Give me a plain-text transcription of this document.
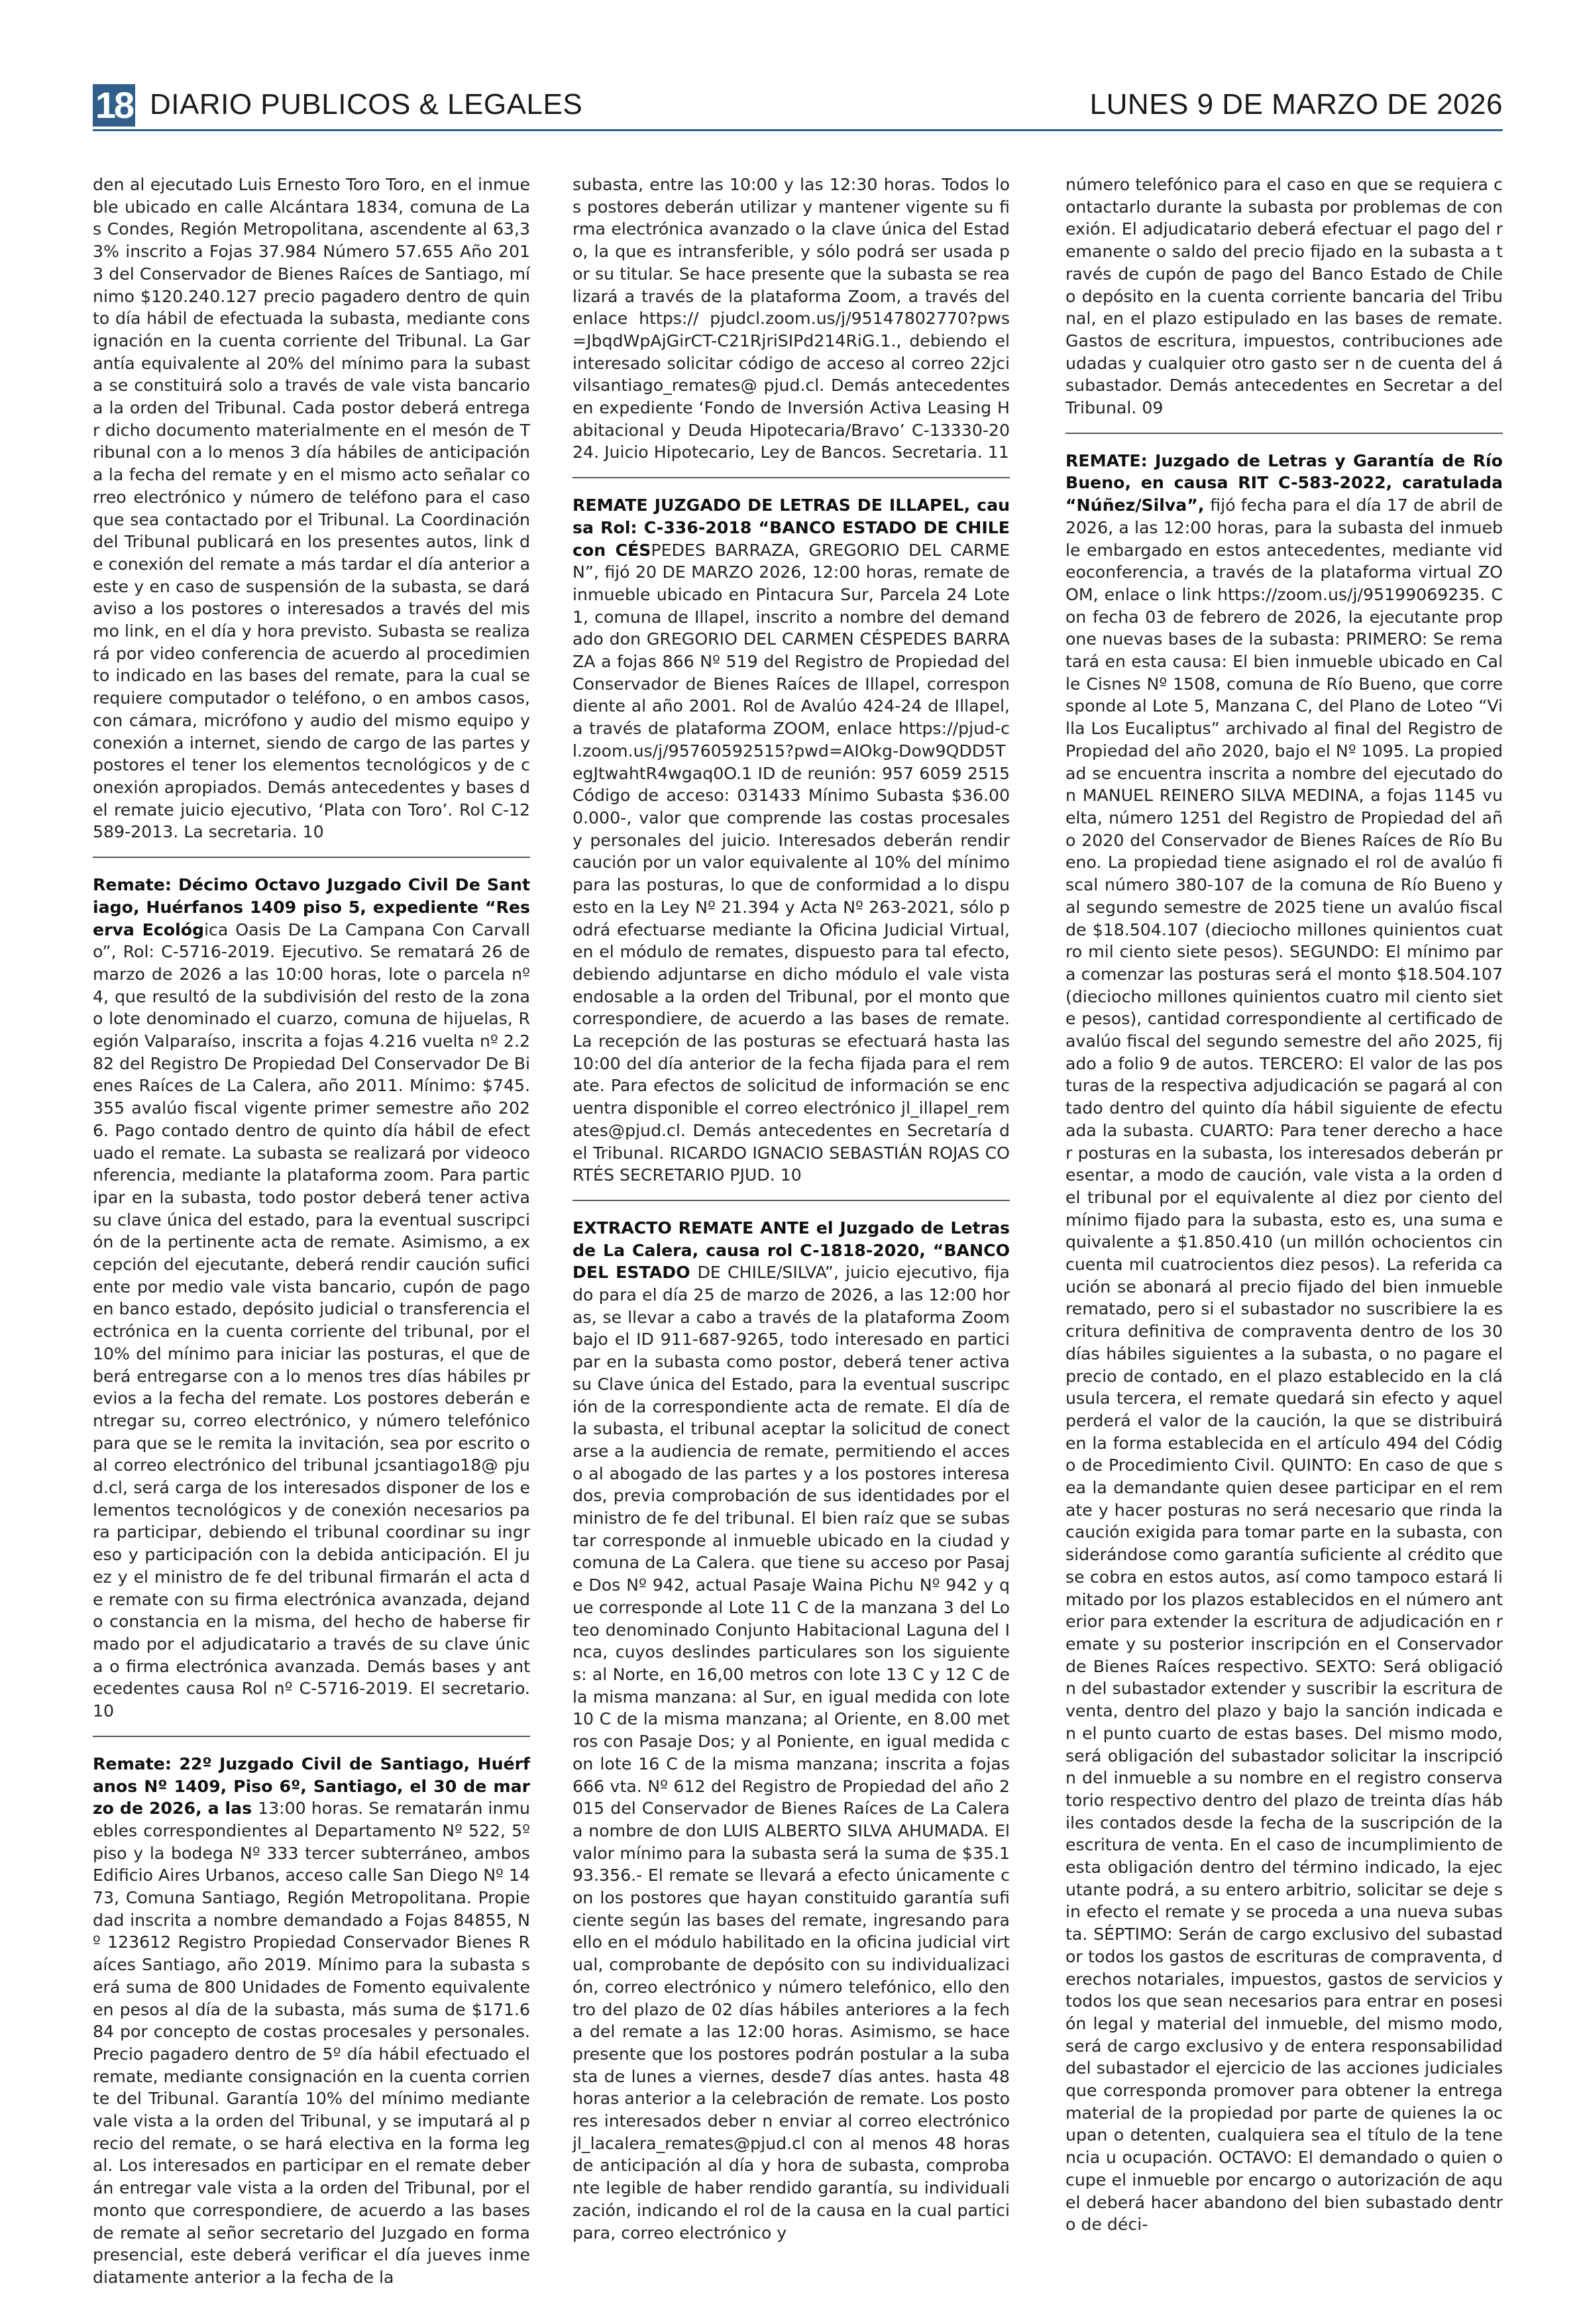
18 DIARIO PUBLICOS & LEGALES	LUNES 9 DE MARZO DE 2026

den al ejecutado Luis Ernesto Toro Toro, en el inmueble ubicado en calle Alcántara 1834, comuna de Las Condes, Región Metropolitana, ascendente al 63,33% inscrito a Fojas 37.984 Número 57.655 Año 2013 del Conservador de Bienes Raíces de Santiago, mínimo $120.240.127 precio pagadero dentro de quinto día hábil de efectuada la subasta, mediante consignación en la cuenta corriente del Tribunal. La Garantía equivalente al 20% del mínimo para la subasta se constituirá solo a través de vale vista bancario a la orden del Tribunal. Cada postor deberá entregar dicho documento materialmente en el mesón de Tribunal con a lo menos 3 día hábiles de anticipación a la fecha del remate y en el mismo acto señalar correo electrónico y número de teléfono para el caso que sea contactado por el Tribunal. La Coordinación del Tribunal publicará en los presentes autos, link de conexión del remate a más tardar el día anterior a este y en caso de suspensión de la subasta, se dará aviso a los postores o interesados a través del mismo link, en el día y hora previsto. Subasta se realizará por video conferencia de acuerdo al procedimiento indicado en las bases del remate, para la cual se requiere computador o teléfono, o en ambos casos, con cámara, micrófono y audio del mismo equipo y conexión a internet, siendo de cargo de las partes y postores el tener los elementos tecnológicos y de conexión apropiados. Demás antecedentes y bases del remate juicio ejecutivo, ‘Plata con Toro’. Rol C-12589-2013. La secretaria. 10

Remate: Décimo Octavo Juzgado Civil De Santiago, Huérfanos 1409 piso 5, expediente “Reserva Ecológica Oasis De La Campana Con Carvallo”, Rol: C-5716-2019. Ejecutivo. Se rematará 26 de marzo de 2026 a las 10:00 horas, lote o parcela nº 4, que resultó de la subdivisión del resto de la zona o lote denominado el cuarzo, comuna de hijuelas, Región Valparaíso, inscrita a fojas 4.216 vuelta nº 2.282 del Registro De Propiedad Del Conservador De Bienes Raíces de La Calera, año 2011. Mínimo: $745.355 avalúo fiscal vigente primer semestre año 2026. Pago contado dentro de quinto día hábil de efectuado el remate. La subasta se realizará por videoconferencia, mediante la plataforma zoom. Para participar en la subasta, todo postor deberá tener activa su clave única del estado, para la eventual suscripción de la pertinente acta de remate. Asimismo, a excepción del ejecutante, deberá rendir caución suficiente por medio vale vista bancario, cupón de pago en banco estado, depósito judicial o transferencia electrónica en la cuenta corriente del tribunal, por el 10% del mínimo para iniciar las posturas, el que deberá entregarse con a lo menos tres días hábiles previos a la fecha del remate. Los postores deberán entregar su, correo electrónico, y número telefónico para que se le remita la invitación, sea por escrito o al correo electrónico del tribunal jcsantiago18@ pjud.cl, será carga de los interesados disponer de los elementos tecnológicos y de conexión necesarios para participar, debiendo el tribunal coordinar su ingreso y participación con la debida anticipación. El juez y el ministro de fe del tribunal firmarán el acta de remate con su firma electrónica avanzada, dejando constancia en la misma, del hecho de haberse firmado por el adjudicatario a través de su clave única o firma electrónica avanzada. Demás bases y antecedentes causa Rol nº C-5716-2019. El secretario. 10

Remate: 22º Juzgado Civil de Santiago, Huérfanos Nº 1409, Piso 6º, Santiago, el 30 de marzo de 2026, a las 13:00 horas. Se rematarán inmuebles correspondientes al Departamento Nº 522, 5º piso y la bodega Nº 333 tercer subterráneo, ambos Edificio Aires Urbanos, acceso calle San Diego Nº 1473, Comuna Santiago, Región Metropolitana. Propiedad inscrita a nombre demandado a Fojas 84855, Nº 123612 Registro Propiedad Conservador Bienes Raíces Santiago, año 2019. Mínimo para la subasta será suma de 800 Unidades de Fomento equivalente en pesos al día de la subasta, más suma de $171.684 por concepto de costas procesales y personales. Precio pagadero dentro de 5º día hábil efectuado el remate, mediante consignación en la cuenta corriente del Tribunal. Garantía 10% del mínimo mediante vale vista a la orden del Tribunal, y se imputará al precio del remate, o se hará electiva en la forma legal. Los interesados en participar en el remate deberán entregar vale vista a la orden del Tribunal, por el monto que correspondiere, de acuerdo a las bases de remate al señor secretario del Juzgado en forma presencial, este deberá verificar el día jueves inmediatamente anterior a la fecha de la

subasta, entre las 10:00 y las 12:30 horas. Todos los postores deberán utilizar y mantener vigente su firma electrónica avanzado o la clave única del Estado, la que es intransferible, y sólo podrá ser usada por su titular. Se hace presente que la subasta se realizará a través de la plataforma Zoom, a través del enlace https:// pjudcl.zoom.us/j/95147802770?pws=JbqdWpAjGirCT-C21RjriSIPd214RiG.1., debiendo el interesado solicitar código de acceso al correo 22jcivilsantiago_remates@ pjud.cl. Demás antecedentes en expediente ‘Fondo de Inversión Activa Leasing Habitacional y Deuda Hipotecaria/Bravo’ C-13330-2024. Juicio Hipotecario, Ley de Bancos. Secretaria. 11

REMATE JUZGADO DE LETRAS DE ILLAPEL, causa Rol: C-336-2018 “BANCO ESTADO DE CHILE con CÉSPEDES BARRAZA, GREGORIO DEL CARMEN”, fijó 20 DE MARZO 2026, 12:00 horas, remate de inmueble ubicado en Pintacura Sur, Parcela 24 Lote 1, comuna de Illapel, inscrito a nombre del demandado don GREGORIO DEL CARMEN CÉSPEDES BARRAZA a fojas 866 Nº 519 del Registro de Propiedad del Conservador de Bienes Raíces de Illapel, correspondiente al año 2001. Rol de Avalúo 424-24 de Illapel, a través de plataforma ZOOM, enlace https://pjud-cl.zoom.us/j/95760592515?pwd=AIOkg-Dow9QDD5TegJtwahtR4wgaq0O.1 ID de reunión: 957 6059 2515 Código de acceso: 031433 Mínimo Subasta $36.000.000-, valor que comprende las costas procesales y personales del juicio. Interesados deberán rendir caución por un valor equivalente al 10% del mínimo para las posturas, lo que de conformidad a lo dispuesto en la Ley Nº 21.394 y Acta Nº 263-2021, sólo podrá efectuarse mediante la Oficina Judicial Virtual, en el módulo de remates, dispuesto para tal efecto, debiendo adjuntarse en dicho módulo el vale vista endosable a la orden del Tribunal, por el monto que correspondiere, de acuerdo a las bases de remate. La recepción de las posturas se efectuará hasta las 10:00 del día anterior de la fecha fijada para el remate. Para efectos de solicitud de información se encuentra disponible el correo electrónico jl_illapel_remates@pjud.cl. Demás antecedentes en Secretaría del Tribunal. RICARDO IGNACIO SEBASTIÁN ROJAS CORTÉS SECRETARIO PJUD. 10

EXTRACTO REMATE ANTE el Juzgado de Letras de La Calera, causa rol C-1818-2020, “BANCO DEL ESTADO DE CHILE/SILVA”, juicio ejecutivo, fijado para el día 25 de marzo de 2026, a las 12:00 horas, se llevar a cabo a través de la plataforma Zoom bajo el ID 911-687-9265, todo interesado en participar en la subasta como postor, deberá tener activa su Clave única del Estado, para la eventual suscripción de la correspondiente acta de remate. El día de la subasta, el tribunal aceptar la solicitud de conectarse a la audiencia de remate, permitiendo el acceso al abogado de las partes y a los postores interesados, previa comprobación de sus identidades por el ministro de fe del tribunal. El bien raíz que se subastar corresponde al inmueble ubicado en la ciudad y comuna de La Calera. que tiene su acceso por Pasaje Dos Nº 942, actual Pasaje Waina Pichu Nº 942 y que corresponde al Lote 11 C de la manzana 3 del Loteo denominado Conjunto Habitacional Laguna del Inca, cuyos deslindes particulares son los siguientes: al Norte, en 16,00 metros con lote 13 C y 12 C de la misma manzana: al Sur, en igual medida con lote 10 C de la misma manzana; al Oriente, en 8.00 metros con Pasaje Dos; y al Poniente, en igual medida con lote 16 C de la misma manzana; inscrita a fojas 666 vta. Nº 612 del Registro de Propiedad del año 2015 del Conservador de Bienes Raíces de La Calera a nombre de don LUIS ALBERTO SILVA AHUMADA. El valor mínimo para la subasta será la suma de $35.193.356.- El remate se llevará a efecto únicamente con los postores que hayan constituido garantía suficiente según las bases del remate, ingresando para ello en el módulo habilitado en la oficina judicial virtual, comprobante de depósito con su individualización, correo electrónico y número telefónico, ello dentro del plazo de 02 días hábiles anteriores a la fecha del remate a las 12:00 horas. Asimismo, se hace presente que los postores podrán postular a la subasta de lunes a viernes, desde7 días antes. hasta 48 horas anterior a la celebración de remate. Los postores interesados deber n enviar al correo electrónico jl_lacalera_remates@pjud.cl con al menos 48 horas de anticipación al día y hora de subasta, comprobante legible de haber rendido garantía, su individualización, indicando el rol de la causa en la cual participara, correo electrónico y

número telefónico para el caso en que se requiera contactarlo durante la subasta por problemas de conexión. El adjudicatario deberá efectuar el pago del remanente o saldo del precio fijado en la subasta a través de cupón de pago del Banco Estado de Chile o depósito en la cuenta corriente bancaria del Tribunal, en el plazo estipulado en las bases de remate. Gastos de escritura, impuestos, contribuciones adeudadas y cualquier otro gasto ser n de cuenta del á subastador. Demás antecedentes en Secretar a del Tribunal. 09

REMATE: Juzgado de Letras y Garantía de Río Bueno, en causa RIT C-583-2022, caratulada “Núñez/Silva”, fijó fecha para el día 17 de abril de 2026, a las 12:00 horas, para la subasta del inmueble embargado en estos antecedentes, mediante videoconferencia, a través de la plataforma virtual ZOOM, enlace o link https://zoom.us/j/95199069235. Con fecha 03 de febrero de 2026, la ejecutante propone nuevas bases de la subasta: PRIMERO: Se rematará en esta causa: El bien inmueble ubicado en Calle Cisnes Nº 1508, comuna de Río Bueno, que corresponde al Lote 5, Manzana C, del Plano de Loteo “Villa Los Eucaliptus” archivado al final del Registro de Propiedad del año 2020, bajo el Nº 1095. La propiedad se encuentra inscrita a nombre del ejecutado don MANUEL REINERO SILVA MEDINA, a fojas 1145 vuelta, número 1251 del Registro de Propiedad del año 2020 del Conservador de Bienes Raíces de Río Bueno. La propiedad tiene asignado el rol de avalúo fiscal número 380-107 de la comuna de Río Bueno y al segundo semestre de 2025 tiene un avalúo fiscal de $18.504.107 (dieciocho millones quinientos cuatro mil ciento siete pesos). SEGUNDO: El mínimo para comenzar las posturas será el monto $18.504.107 (dieciocho millones quinientos cuatro mil ciento siete pesos), cantidad correspondiente al certificado de avalúo fiscal del segundo semestre del año 2025, fijado a folio 9 de autos. TERCERO: El valor de las posturas de la respectiva adjudicación se pagará al contado dentro del quinto día hábil siguiente de efectuada la subasta. CUARTO: Para tener derecho a hacer posturas en la subasta, los interesados deberán presentar, a modo de caución, vale vista a la orden del tribunal por el equivalente al diez por ciento del mínimo fijado para la subasta, esto es, una suma equivalente a $1.850.410 (un millón ochocientos cincuenta mil cuatrocientos diez pesos). La referida caución se abonará al precio fijado del bien inmueble rematado, pero si el subastador no suscribiere la escritura definitiva de compraventa dentro de los 30 días hábiles siguientes a la subasta, o no pagare el precio de contado, en el plazo establecido en la cláusula tercera, el remate quedará sin efecto y aquel perderá el valor de la caución, la que se distribuirá en la forma establecida en el artículo 494 del Código de Procedimiento Civil. QUINTO: En caso de que sea la demandante quien desee participar en el remate y hacer posturas no será necesario que rinda la caución exigida para tomar parte en la subasta, considerándose como garantía suficiente al crédito que se cobra en estos autos, así como tampoco estará limitado por los plazos establecidos en el número anterior para extender la escritura de adjudicación en remate y su posterior inscripción en el Conservador de Bienes Raíces respectivo. SEXTO: Será obligación del subastador extender y suscribir la escritura de venta, dentro del plazo y bajo la sanción indicada en el punto cuarto de estas bases. Del mismo modo, será obligación del subastador solicitar la inscripción del inmueble a su nombre en el registro conservatorio respectivo dentro del plazo de treinta días hábiles contados desde la fecha de la suscripción de la escritura de venta. En el caso de incumplimiento de esta obligación dentro del término indicado, la ejecutante podrá, a su entero arbitrio, solicitar se deje sin efecto el remate y se proceda a una nueva subasta. SÉPTIMO: Serán de cargo exclusivo del subastador todos los gastos de escrituras de compraventa, derechos notariales, impuestos, gastos de servicios y todos los que sean necesarios para entrar en posesión legal y material del inmueble, del mismo modo, será de cargo exclusivo y de entera responsabilidad del subastador el ejercicio de las acciones judiciales que corresponda promover para obtener la entrega material de la propiedad por parte de quienes la ocupan o detenten, cualquiera sea el título de la tenencia u ocupación. OCTAVO: El demandado o quien ocupe el inmueble por encargo o autorización de aquel deberá hacer abandono del bien subastado dentro de déci-
